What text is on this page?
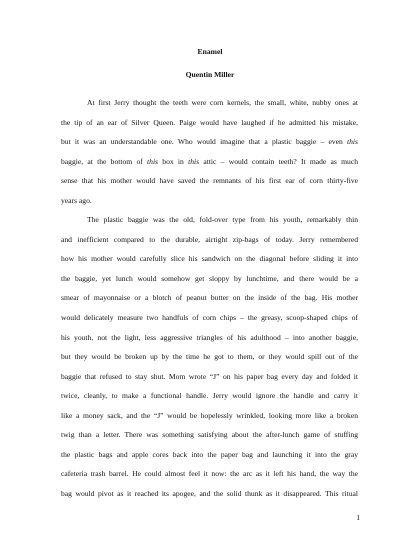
Enamel
Quentin Miller
At first Jerry thought the teeth were corn kernels, the small, white, nubby ones at
the tip of an ear of Silver Queen. Paige would have laughed if he admitted his mistake,
but it was an understandable one. Who would imagine that a plastic baggie – even this
baggie, at the bottom of this box in this attic – would contain teeth? It made as much
sense that his mother would have saved the remnants of his first ear of corn thirty-five
years ago.
The plastic baggie was the old, fold-over type from his youth, remarkably thin
and inefficient compared to the durable, airtight zip-bags of today. Jerry remembered
how his mother would carefully slice his sandwich on the diagonal before sliding it into
the baggie, yet lunch would somehow get sloppy by lunchtime, and there would be a
smear of mayonnaise or a blotch of peanut butter on the inside of the bag. His mother
would delicately measure two handfuls of corn chips – the greasy, scoop-shaped chips of
his youth, not the light, less aggressive triangles of his adulthood – into another baggie,
but they would be broken up by the time he got to them, or they would spill out of the
baggie that refused to stay shut. Mom wrote “J” on his paper bag every day and folded it
twice, cleanly, to make a functional handle. Jerry would ignore the handle and carry it
like a money sack, and the “J” would be hopelessly wrinkled, looking more like a broken
twig than a letter. There was something satisfying about the after-lunch game of stuffing
the plastic bags and apple cores back into the paper bag and launching it into the gray
cafeteria trash barrel. He could almost feel it now: the arc as it left his hand, the way the
bag would pivot as it reached its apogee, and the solid thunk as it disappeared. This ritual
1
